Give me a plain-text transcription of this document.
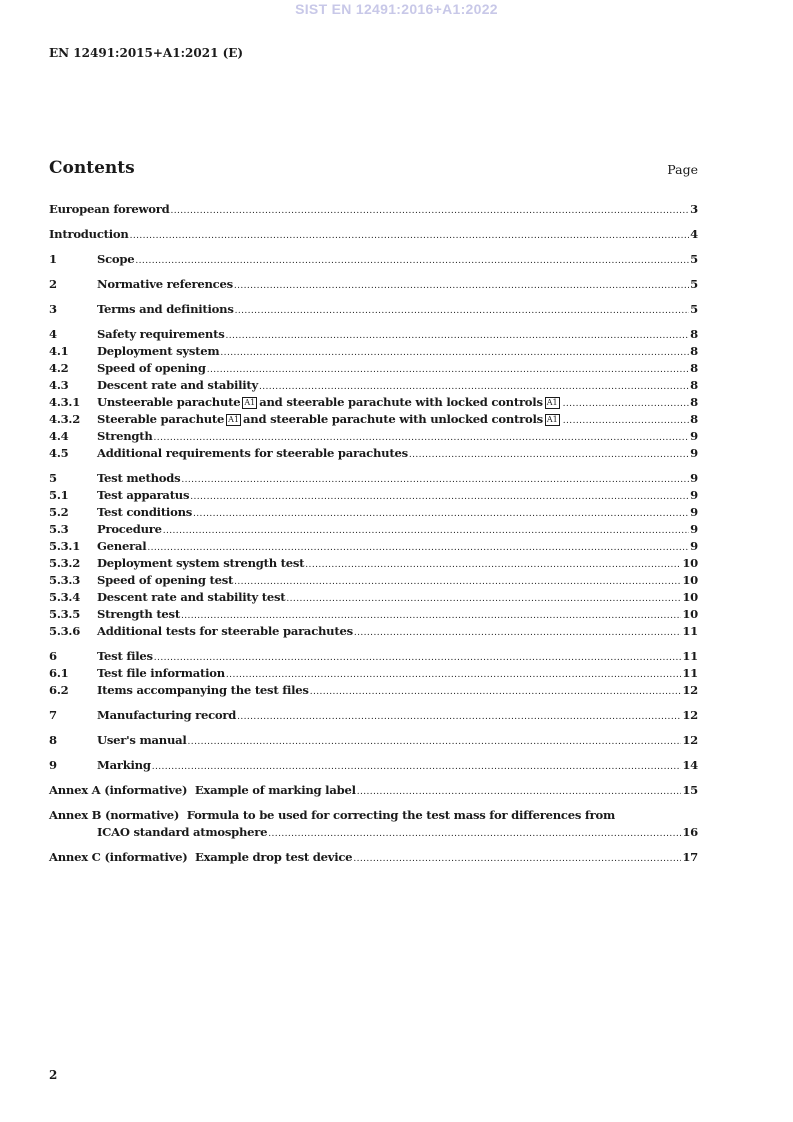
SIST EN 12491:2016+A1:2022
EN 12491:2015+A1:2021 (E)
Contents	Page
European foreword .....	3
Introduction .....	4
1	Scope .....	5
2	Normative references .....	5
3	Terms and definitions .....	5
4	Safety requirements .....	8
4.1	Deployment system .....	8
4.2	Speed of opening .....	8
4.3	Descent rate and stability .....	8
4.3.1	Unsteerable parachute A1 and steerable parachute with locked controls A1 .....	8
4.3.2	Steerable parachute A1 and steerable parachute with unlocked controls A1 .....	8
4.4	Strength .....	9
4.5	Additional requirements for steerable parachutes .....	9
5	Test methods .....	9
5.1	Test apparatus .....	9
5.2	Test conditions .....	9
5.3	Procedure .....	9
5.3.1	General .....	9
5.3.2	Deployment system strength test .....	10
5.3.3	Speed of opening test .....	10
5.3.4	Descent rate and stability test .....	10
5.3.5	Strength test .....	10
5.3.6	Additional tests for steerable parachutes .....	11
6	Test files .....	11
6.1	Test file information .....	11
6.2	Items accompanying the test files .....	12
7	Manufacturing record .....	12
8	User's manual .....	12
9	Marking .....	14
Annex A (informative)  Example of marking label .....	15
Annex B (normative)  Formula to be used for correcting the test mass for differences from
ICAO standard atmosphere .....	16
Annex C (informative)  Example drop test device .....	17
2
